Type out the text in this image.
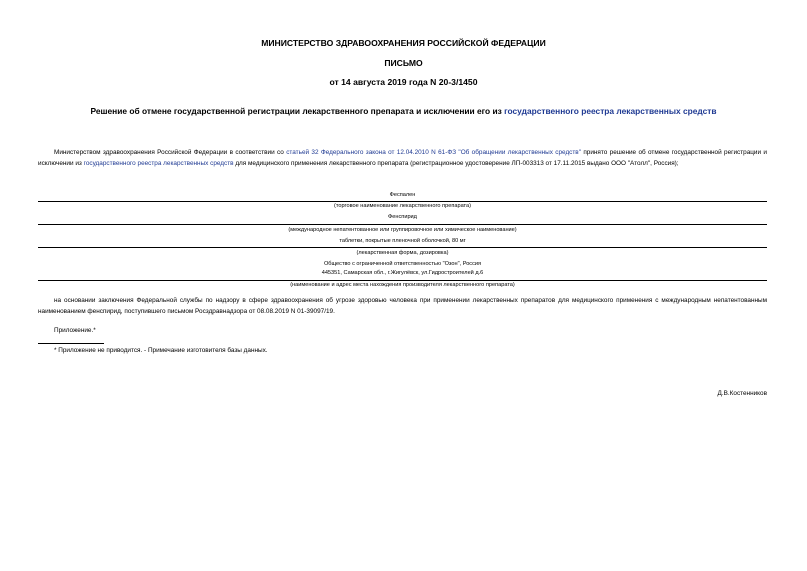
МИНИСТЕРСТВО ЗДРАВООХРАНЕНИЯ РОССИЙСКОЙ ФЕДЕРАЦИИ
ПИСЬМО
от 14 августа 2019 года N 20-3/1450
Решение об отмене государственной регистрации лекарственного препарата и исключении его из государственного реестра лекарственных средств
Министерством здравоохранения Российской Федерации в соответствии со статьей 32 Федерального закона от 12.04.2010 N 61-ФЗ "Об обращении лекарственных средств" принято решение об отмене государственной регистрации и исключении из государственного реестра лекарственных средств для медицинского применения лекарственного препарата (регистрационное удостоверение ЛП-003313 от 17.11.2015 выдано ООО "Атолл", Россия);
Феспален
(торговое наименование лекарственного препарата)
Фенспирид
(международное непатентованное или группировочное или химическое наименование)
таблетки, покрытые пленочной оболочкой, 80 мг
(лекарственная форма, дозировка)
Общество с ограниченной ответственностью "Озон", Россия
445351, Самарская обл., г.Жигулёвск, ул.Гидростроителей д.6
(наименование и адрес места нахождения производителя лекарственного препарата)
на основании заключения Федеральной службы по надзору в сфере здравоохранения об угрозе здоровью человека при применении лекарственных препаратов для медицинского применения с международным непатентованным наименованием фенспирид, поступившего письмом Росздравнадзора от 08.08.2019 N 01-39097/19.
Приложение.*
* Приложение не приводится. - Примечание изготовителя базы данных.
Д.В.Костенников
